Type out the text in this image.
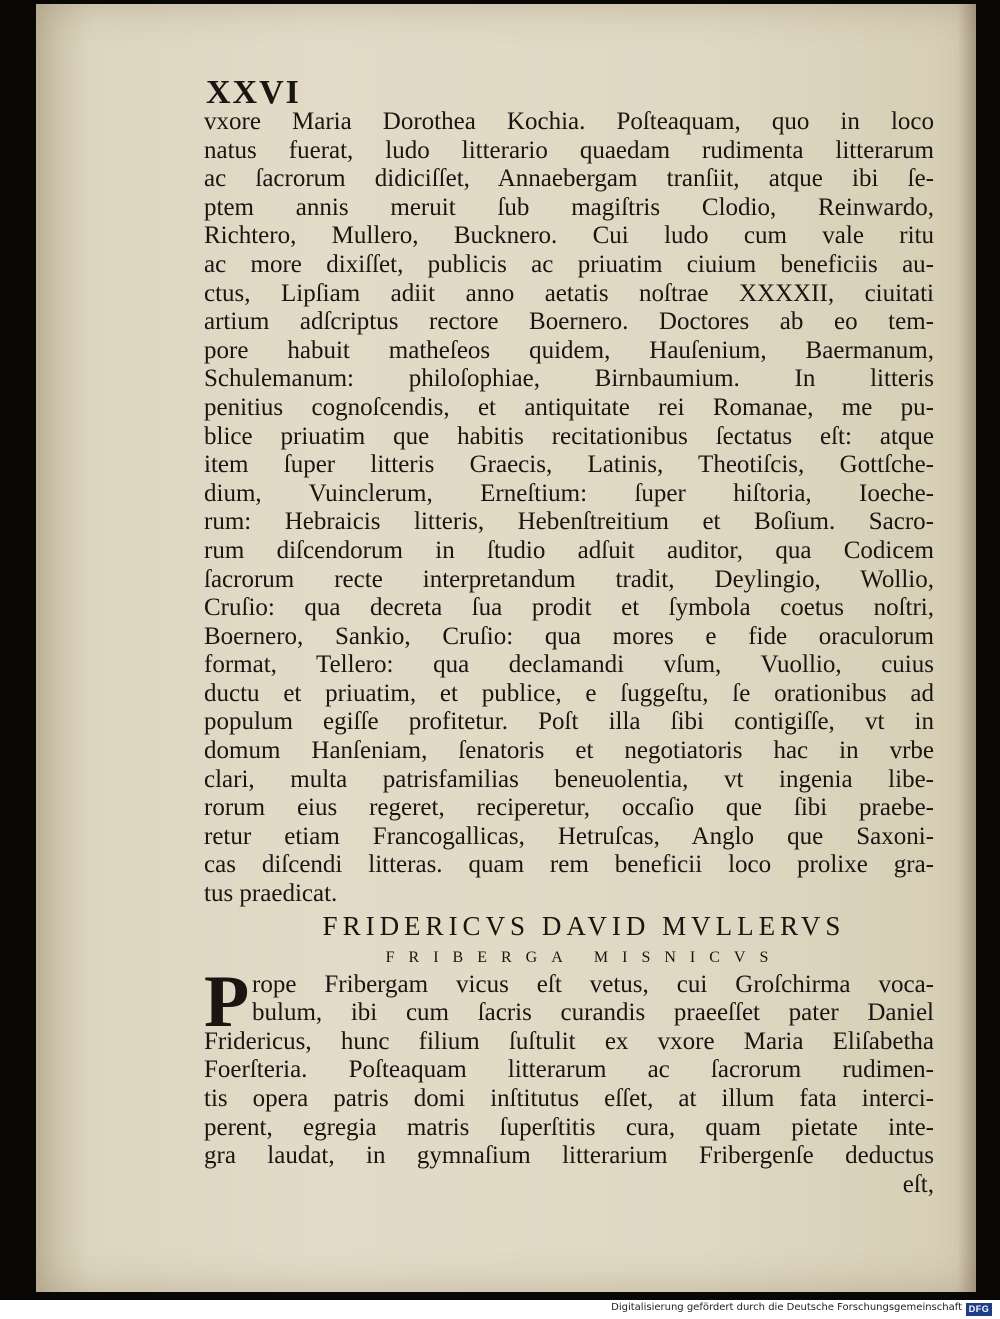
XXVI
vxore Maria Dorothea Kochia. Poſteaquam, quo in loco
natus fuerat, ludo litterario quaedam rudimenta litterarum
ac ſacrorum didiciſſet, Annaebergam tranſiit, atque ibi ſe-
ptem annis meruit ſub magiſtris Clodio, Reinwardo,
Richtero, Mullero, Bucknero. Cui ludo cum vale ritu
ac more dixiſſet, publicis ac priuatim ciuium beneficiis au-
ctus, Lipſiam adiit anno aetatis noſtrae XXXXII, ciuitati
artium adſcriptus rectore Boernero. Doctores ab eo tem-
pore habuit matheſeos quidem, Hauſenium, Baermanum,
Schulemanum: philoſophiae, Birnbaumium. In litteris
penitius cognoſcendis, et antiquitate rei Romanae, me pu-
blice priuatim que habitis recitationibus ſectatus eſt: atque
item ſuper litteris Graecis, Latinis, Theotiſcis, Gottſche-
dium, Vuinclerum, Erneſtium: ſuper hiſtoria, Ioeche-
rum: Hebraicis litteris, Hebenſtreitium et Boſium. Sacro-
rum diſcendorum in ſtudio adſuit auditor, qua Codicem
ſacrorum recte interpretandum tradit, Deylingio, Wollio,
Cruſio: qua decreta ſua prodit et ſymbola coetus noſtri,
Boernero, Sankio, Cruſio: qua mores e fide oraculorum
format, Tellero: qua declamandi vſum, Vuollio, cuius
ductu et priuatim, et publice, e ſuggeſtu, ſe orationibus ad
populum egiſſe profitetur. Poſt illa ſibi contigiſſe, vt in
domum Hanſeniam, ſenatoris et negotiatoris hac in vrbe
clari, multa patrisfamilias beneuolentia, vt ingenia libe-
rorum eius regeret, reciperetur, occaſio que ſibi praebe-
retur etiam Francogallicas, Hetruſcas, Anglo que Saxoni-
cas diſcendi litteras. quam rem beneficii loco prolixe gra-
tus praedicat.
FRIDERICVS DAVID MVLLERVS
FRIBERGA MISNICVS
P rope Fribergam vicus eſt vetus, cui Groſchirma voca-
bulum, ibi cum ſacris curandis praeeſſet pater Daniel
Fridericus, hunc filium ſuſtulit ex vxore Maria Eliſabetha
Foerſteria. Poſteaquam litterarum ac ſacrorum rudimen-
tis opera patris domi inſtitutus eſſet, at illum fata interci-
perent, egregia matris ſuperſtitis cura, quam pietate inte-
gra laudat, in gymnaſium litterarium Fribergenſe deductus
eſt,
Digitalisierung gefördert durch die Deutsche Forschungsgemeinschaft DFG
